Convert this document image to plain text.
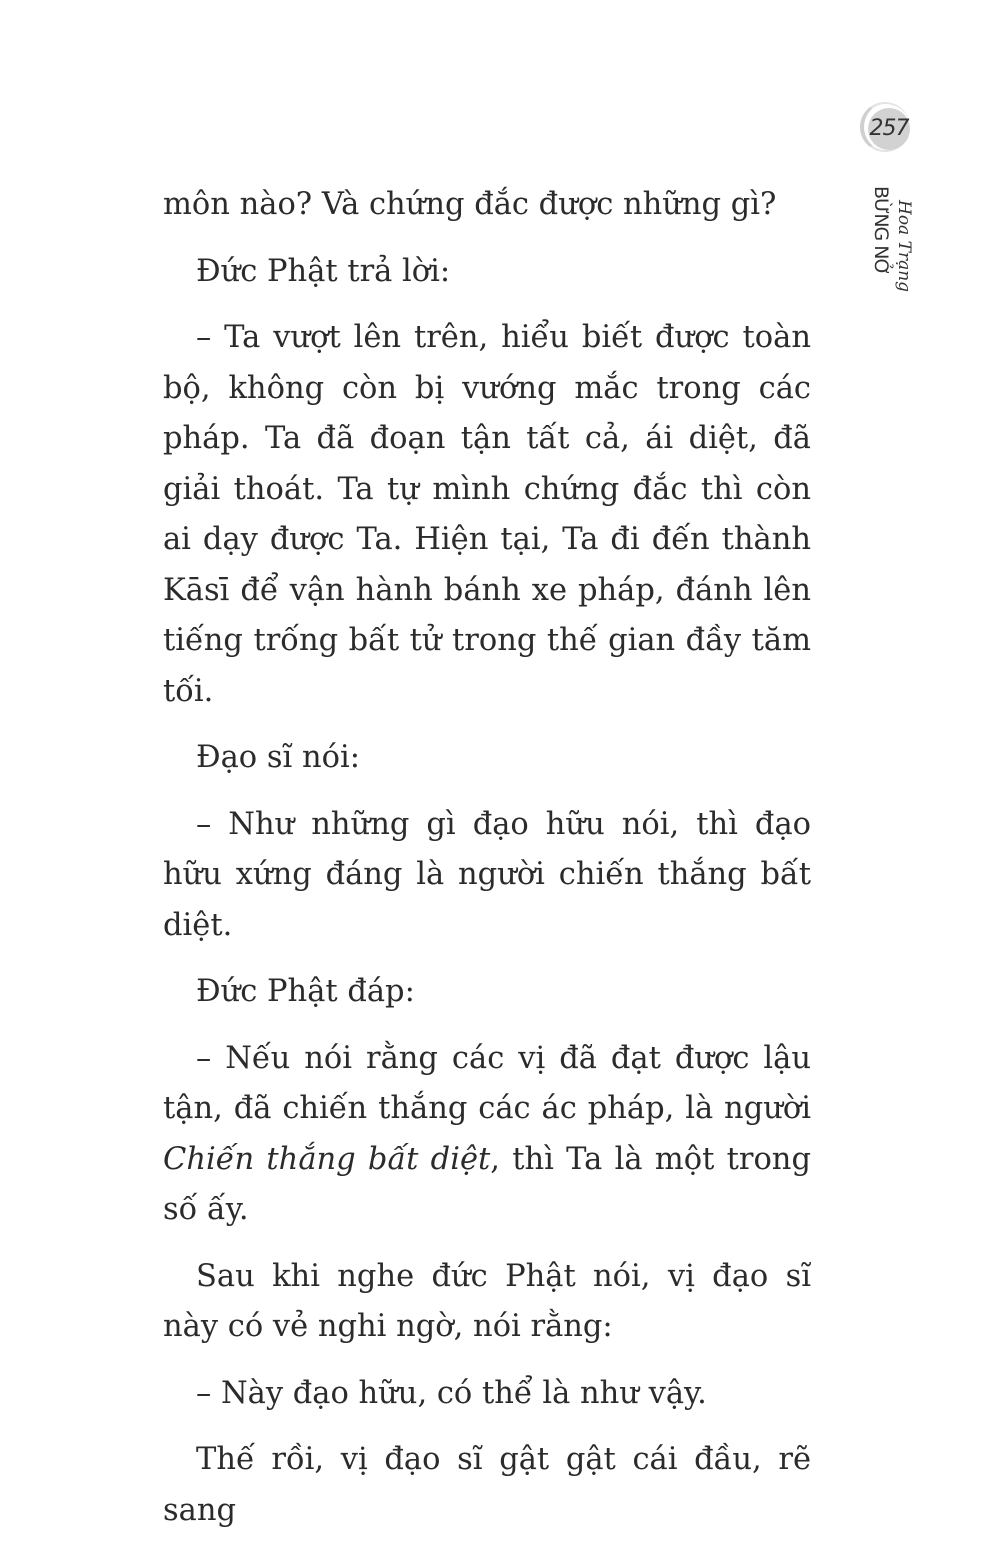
257
BỪNG NỞ Hoa Trạng

môn nào? Và chứng đắc được những gì?

Đức Phật trả lời:

– Ta vượt lên trên, hiểu biết được toàn bộ, không còn bị vướng mắc trong các pháp. Ta đã đoạn tận tất cả, ái diệt, đã giải thoát. Ta tự mình chứng đắc thì còn ai dạy được Ta. Hiện tại, Ta đi đến thành Kāsī để vận hành bánh xe pháp, đánh lên tiếng trống bất tử trong thế gian đầy tăm tối.

Đạo sĩ nói:

– Như những gì đạo hữu nói, thì đạo hữu xứng đáng là người chiến thắng bất diệt.

Đức Phật đáp:

– Nếu nói rằng các vị đã đạt được lậu tận, đã chiến thắng các ác pháp, là người Chiến thắng bất diệt, thì Ta là một trong số ấy.

Sau khi nghe đức Phật nói, vị đạo sĩ này có vẻ nghi ngờ, nói rằng:

– Này đạo hữu, có thể là như vậy.

Thế rồi, vị đạo sĩ gật gật cái đầu, rẽ sang
